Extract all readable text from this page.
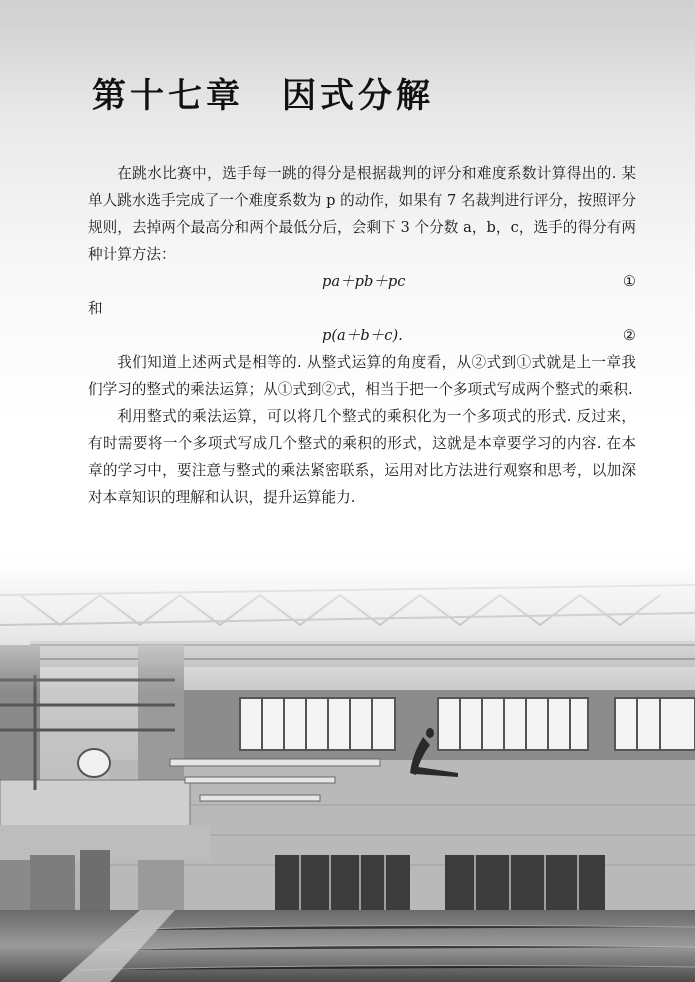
第十七章　因式分解

在跳水比赛中，选手每一跳的得分是根据裁判的评分和难度系数计算得出的. 某单人跳水选手完成了一个难度系数为 p 的动作，如果有 7 名裁判进行评分，按照评分规则，去掉两个最高分和两个最低分后，会剩下 3 个分数 a，b，c，选手的得分有两种计算方法：

pa＋pb＋pc	①

和

p(a＋b＋c).	②

我们知道上述两式是相等的. 从整式运算的角度看，从②式到①式就是上一章我们学习的整式的乘法运算；从①式到②式，相当于把一个多项式写成两个整式的乘积.

利用整式的乘法运算，可以将几个整式的乘积化为一个多项式的形式. 反过来，有时需要将一个多项式写成几个整式的乘积的形式，这就是本章要学习的内容. 在本章的学习中，要注意与整式的乘法紧密联系，运用对比方法进行观察和思考，以加深对本章知识的理解和认识，提升运算能力.
